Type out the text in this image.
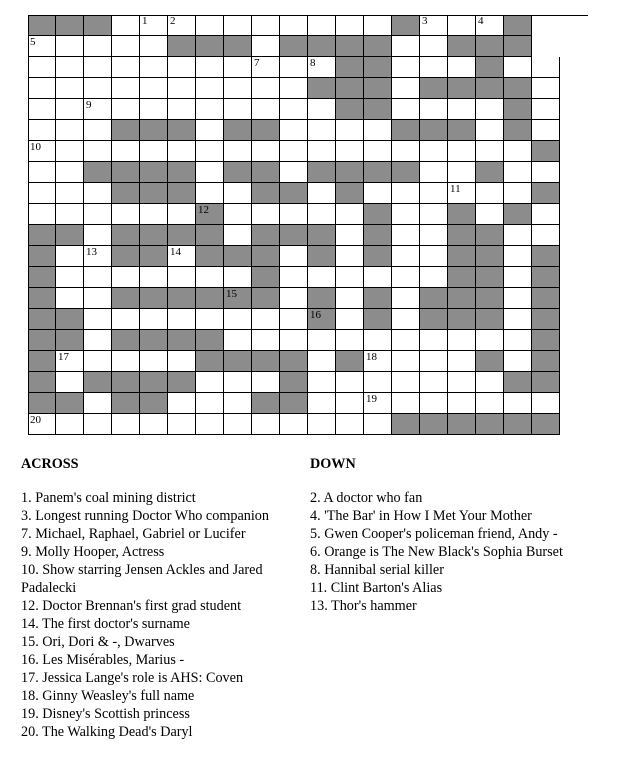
1 2	3	4
5
7	8
9
10
11
12
13	14
15
16
17	18
19
20
ACROSS
1. Panem's coal mining district
3. Longest running Doctor Who companion
7. Michael, Raphael, Gabriel or Lucifer
9. Molly Hooper, Actress
10. Show starring Jensen Ackles and Jared Padalecki
12. Doctor Brennan's first grad student
14. The first doctor's surname
15. Ori, Dori & -, Dwarves
16. Les Misérables, Marius -
17. Jessica Lange's role is AHS: Coven
18. Ginny Weasley's full name
19. Disney's Scottish princess
20. The Walking Dead's Daryl
DOWN
2. A doctor who fan
4. 'The Bar' in How I Met Your Mother
5. Gwen Cooper's policeman friend, Andy -
6. Orange is The New Black's Sophia Burset
8. Hannibal serial killer
11. Clint Barton's Alias
13. Thor's hammer
